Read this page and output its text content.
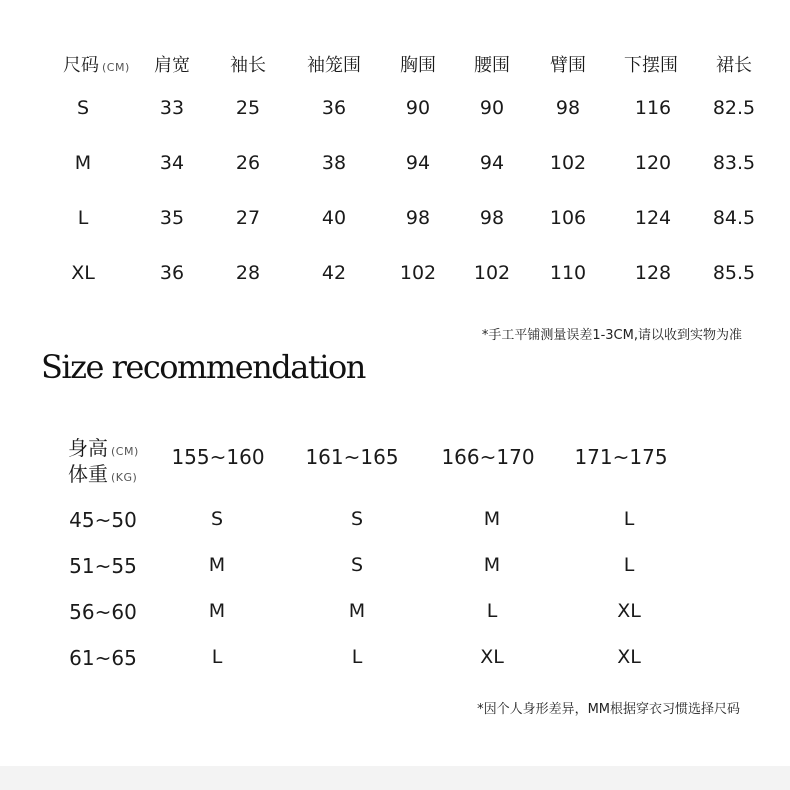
尺码 (CM) 肩宽 袖长 袖笼围 胸围 腰围 臂围 下摆围 裙长
S	33	25	36	90	90	98	116 82.5
M	34	26	38	94	94 102	120 83.5
L	35	27	40	98	98 106	124 84.5
XL	36	28	42	102 102 110	128 85.5
*手工平铺测量误差1-3CM,请以收到实物为准
Size recommendation
身高 (CM)
体重 (KG)
155~160 161~165 166~170 171~175
45~50	S	S	M	L
51~55	M	S	M	L
56~60	M	M	L	XL
61~65	L	L	XL	XL
*因个人身形差异，MM根据穿衣习惯选择尺码
